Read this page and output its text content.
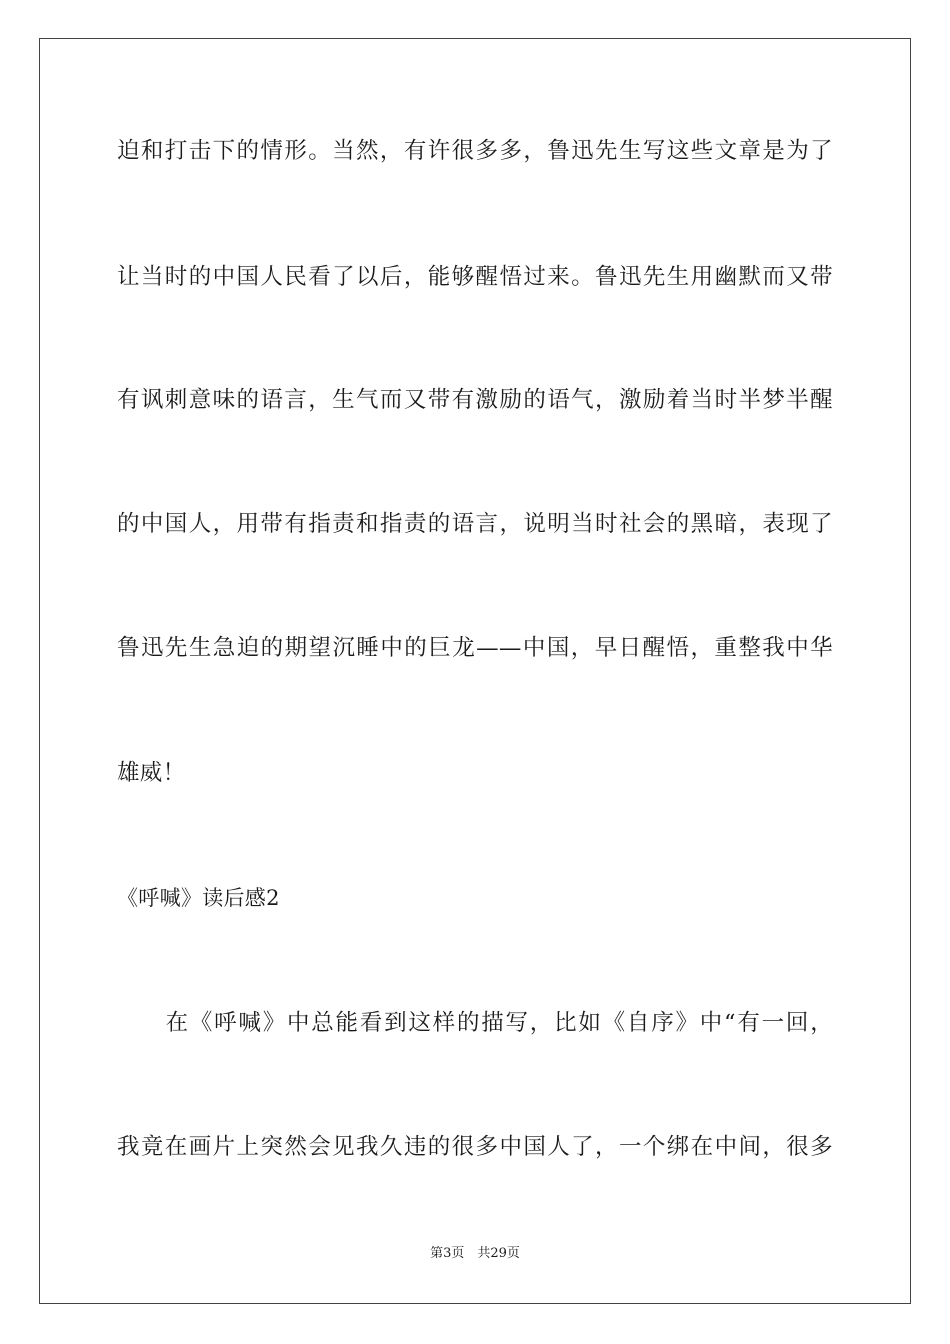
迫和打击下的情形。当然，有许很多多，鲁迅先生写这些文章是为了
让当时的中国人民看了以后，能够醒悟过来。鲁迅先生用幽默而又带
有讽刺意味的语言，生气而又带有激励的语气，激励着当时半梦半醒
的中国人，用带有指责和指责的语言，说明当时社会的黑暗，表现了
鲁迅先生急迫的期望沉睡中的巨龙——中国，早日醒悟，重整我中华
雄威！
《呼喊》读后感2
　　在《呼喊》中总能看到这样的描写，比如《自序》中“有一回，
我竟在画片上突然会见我久违的很多中国人了，一个绑在中间，很多
第3页　共29页
